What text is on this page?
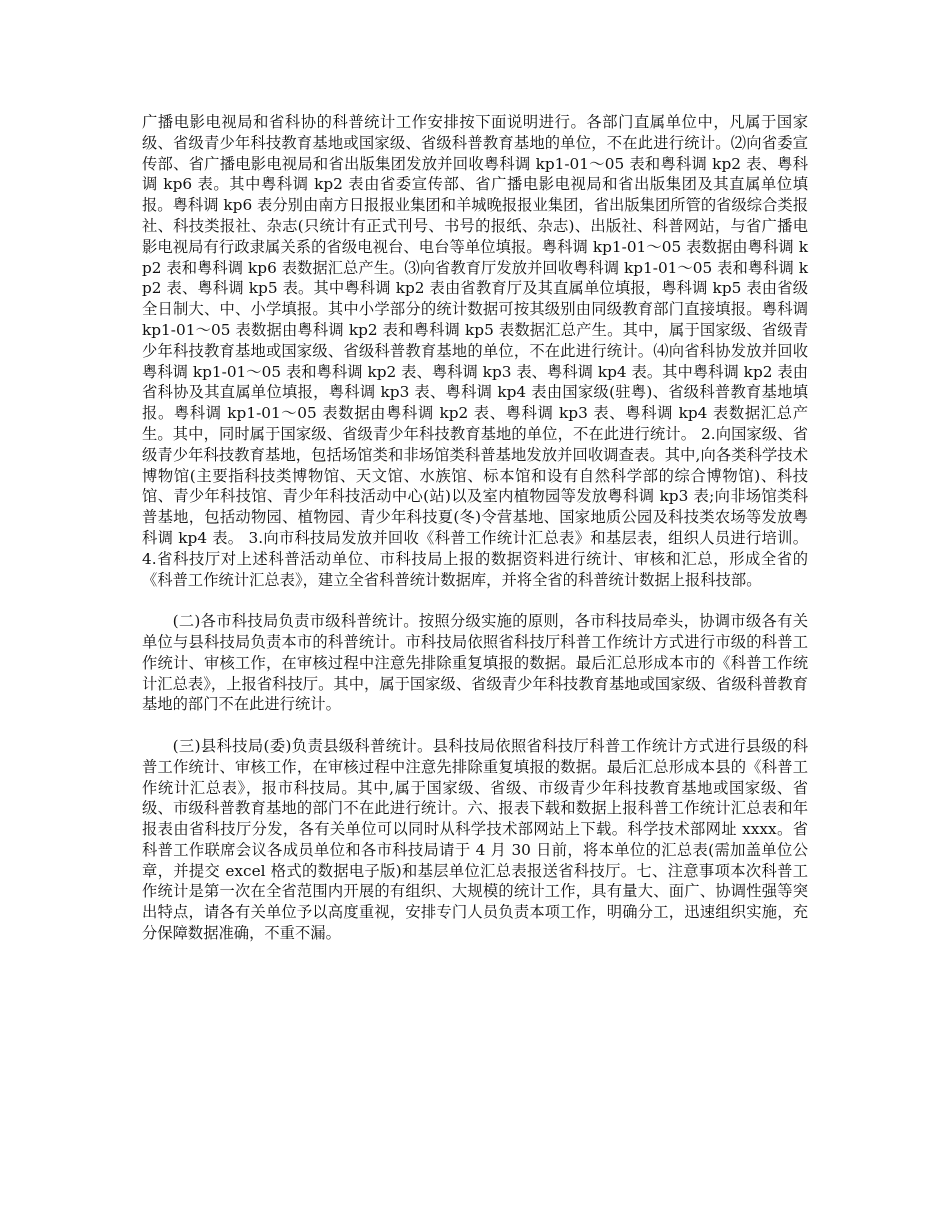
广播电影电视局和省科协的科普统计工作安排按下面说明进行。各部门直属单位中，凡属于国家级、省级青少年科技教育基地或国家级、省级科普教育基地的单位，不在此进行统计。⑵向省委宣传部、省广播电影电视局和省出版集团发放并回收粤科调 kp1-01～05 表和粤科调 kp2 表、粤科调 kp6 表。其中粤科调 kp2 表由省委宣传部、省广播电影电视局和省出版集团及其直属单位填报。粤科调 kp6 表分别由南方日报报业集团和羊城晚报报业集团，省出版集团所管的省级综合类报社、科技类报社、杂志(只统计有正式刊号、书号的报纸、杂志)、出版社、科普网站，与省广播电影电视局有行政隶属关系的省级电视台、电台等单位填报。粤科调 kp1-01～05 表数据由粤科调 kp2 表和粤科调 kp6 表数据汇总产生。⑶向省教育厅发放并回收粤科调 kp1-01～05 表和粤科调 kp2 表、粤科调 kp5 表。其中粤科调 kp2 表由省教育厅及其直属单位填报，粤科调 kp5 表由省级全日制大、中、小学填报。其中小学部分的统计数据可按其级别由同级教育部门直接填报。粤科调 kp1-01～05 表数据由粤科调 kp2 表和粤科调 kp5 表数据汇总产生。其中，属于国家级、省级青少年科技教育基地或国家级、省级科普教育基地的单位，不在此进行统计。⑷向省科协发放并回收粤科调 kp1-01～05 表和粤科调 kp2 表、粤科调 kp3 表、粤科调 kp4 表。其中粤科调 kp2 表由省科协及其直属单位填报，粤科调 kp3 表、粤科调 kp4 表由国家级(驻粤)、省级科普教育基地填报。粤科调 kp1-01～05 表数据由粤科调 kp2 表、粤科调 kp3 表、粤科调 kp4 表数据汇总产生。其中，同时属于国家级、省级青少年科技教育基地的单位，不在此进行统计。 2.向国家级、省级青少年科技教育基地，包括场馆类和非场馆类科普基地发放并回收调查表。其中,向各类科学技术博物馆(主要指科技类博物馆、天文馆、水族馆、标本馆和设有自然科学部的综合博物馆)、科技馆、青少年科技馆、青少年科技活动中心(站)以及室内植物园等发放粤科调 kp3 表;向非场馆类科普基地，包括动物园、植物园、青少年科技夏(冬)令营基地、国家地质公园及科技类农场等发放粤科调 kp4 表。 3.向市科技局发放并回收《科普工作统计汇总表》和基层表，组织人员进行培训。 4.省科技厅对上述科普活动单位、市科技局上报的数据资料进行统计、审核和汇总，形成全省的《科普工作统计汇总表》，建立全省科普统计数据库，并将全省的科普统计数据上报科技部。

(二)各市科技局负责市级科普统计。按照分级实施的原则，各市科技局牵头，协调市级各有关单位与县科技局负责本市的科普统计。市科技局依照省科技厅科普工作统计方式进行市级的科普工作统计、审核工作，在审核过程中注意先排除重复填报的数据。最后汇总形成本市的《科普工作统计汇总表》，上报省科技厅。其中，属于国家级、省级青少年科技教育基地或国家级、省级科普教育基地的部门不在此进行统计。

(三)县科技局(委)负责县级科普统计。县科技局依照省科技厅科普工作统计方式进行县级的科普工作统计、审核工作，在审核过程中注意先排除重复填报的数据。最后汇总形成本县的《科普工作统计汇总表》，报市科技局。其中,属于国家级、省级、市级青少年科技教育基地或国家级、省级、市级科普教育基地的部门不在此进行统计。六、报表下载和数据上报科普工作统计汇总表和年报表由省科技厅分发，各有关单位可以同时从科学技术部网站上下载。科学技术部网址 xxxx。省科普工作联席会议各成员单位和各市科技局请于 4 月 30 日前，将本单位的汇总表(需加盖单位公章，并提交 excel 格式的数据电子版)和基层单位汇总表报送省科技厅。七、注意事项本次科普工作统计是第一次在全省范围内开展的有组织、大规模的统计工作，具有量大、面广、协调性强等突出特点，请各有关单位予以高度重视，安排专门人员负责本项工作，明确分工，迅速组织实施，充分保障数据准确，不重不漏。
